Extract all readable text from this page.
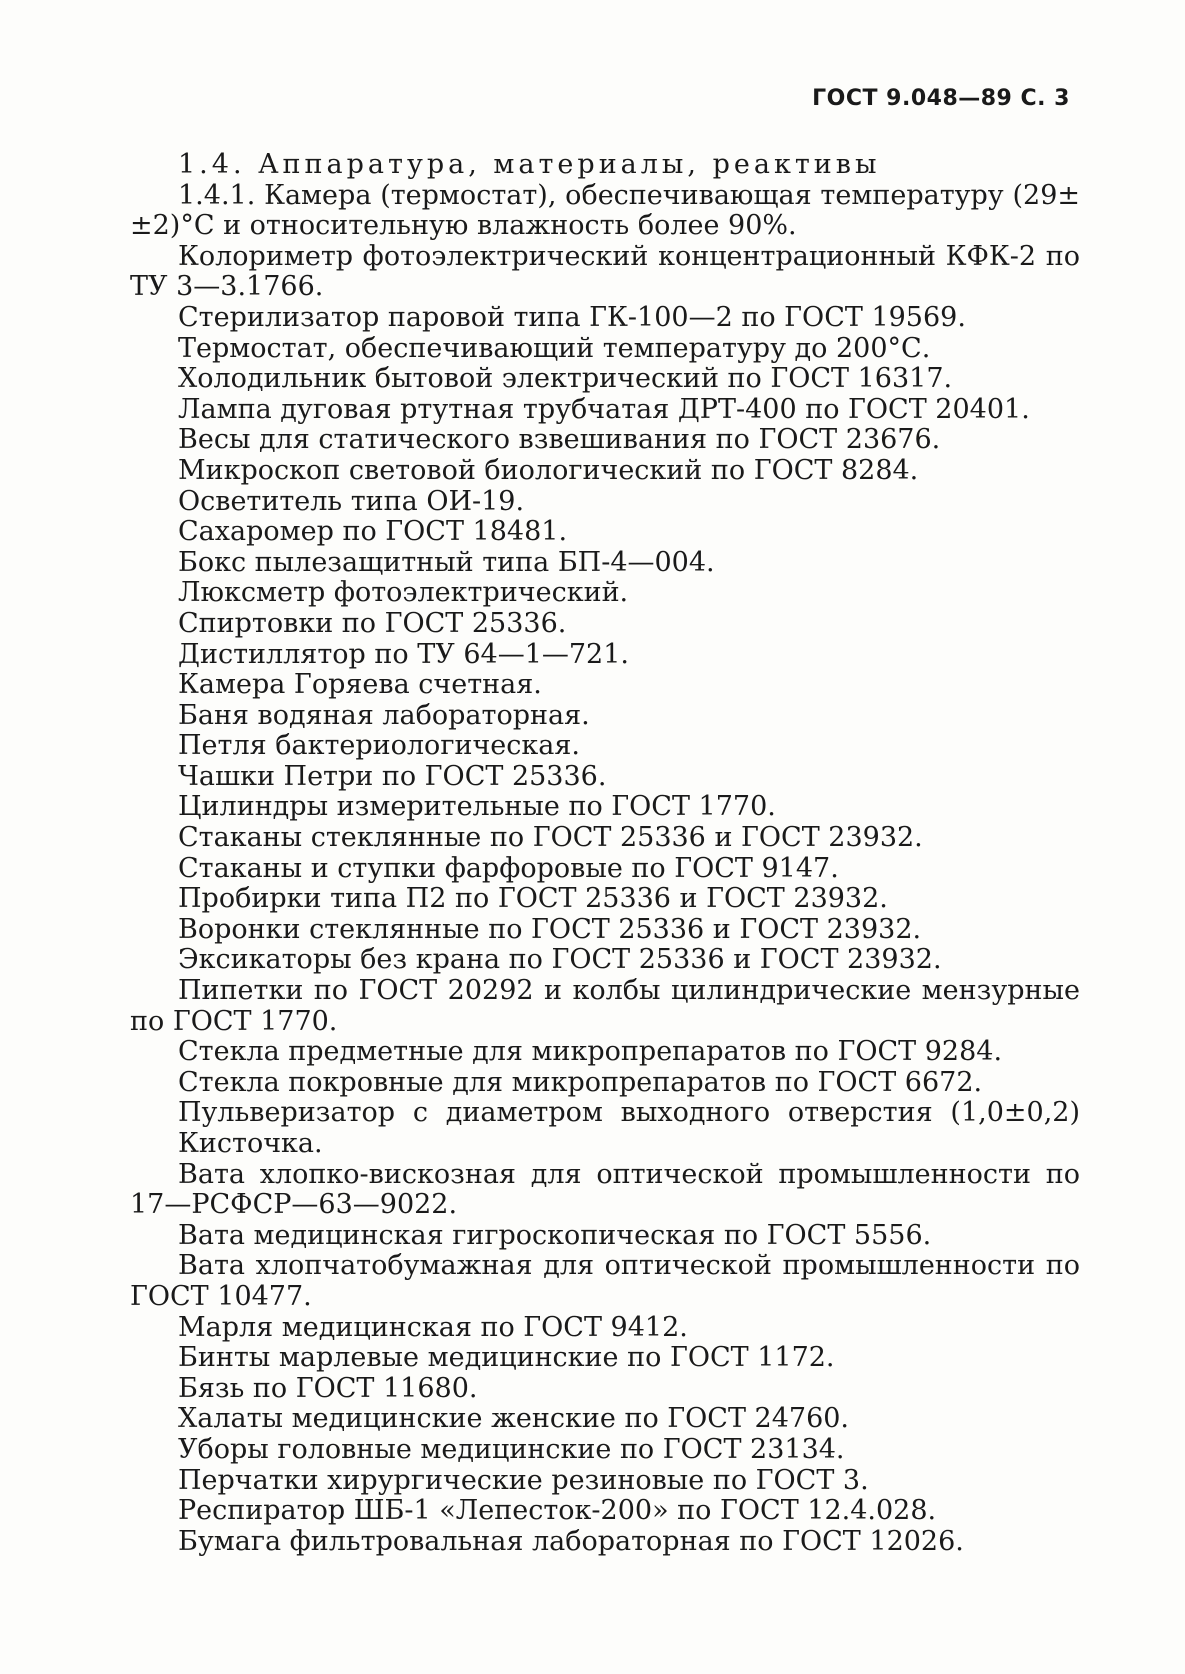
ГОСТ 9.048—89 С. 3
1.4. Аппаратура, материалы, реактивы
1.4.1. Камера (термостат), обеспечивающая температуру (29±
±2)°С и относительную влажность более 90%.
Колориметр фотоэлектрический концентрационный КФК-2 по
ТУ 3—3.1766.
Стерилизатор паровой типа ГК-100—2 по ГОСТ 19569.
Термостат, обеспечивающий температуру до 200°С.
Холодильник бытовой электрический по ГОСТ 16317.
Лампа дуговая ртутная трубчатая ДРТ-400 по ГОСТ 20401.
Весы для статического взвешивания по ГОСТ 23676.
Микроскоп световой биологический по ГОСТ 8284.
Осветитель типа ОИ-19.
Сахаромер по ГОСТ 18481.
Бокс пылезащитный типа БП-4—004.
Люксметр фотоэлектрический.
Спиртовки по ГОСТ 25336.
Дистиллятор по ТУ 64—1—721.
Камера Горяева счетная.
Баня водяная лабораторная.
Петля бактериологическая.
Чашки Петри по ГОСТ 25336.
Цилиндры измерительные по ГОСТ 1770.
Стаканы стеклянные по ГОСТ 25336 и ГОСТ 23932.
Стаканы и ступки фарфоровые по ГОСТ 9147.
Пробирки типа П2 по ГОСТ 25336 и ГОСТ 23932.
Воронки стеклянные по ГОСТ 25336 и ГОСТ 23932.
Эксикаторы без крана по ГОСТ 25336 и ГОСТ 23932.
Пипетки по ГОСТ 20292 и колбы цилиндрические мензурные
по ГОСТ 1770.
Стекла предметные для микропрепаратов по ГОСТ 9284.
Стекла покровные для микропрепаратов по ГОСТ 6672.
Пульверизатор с диаметром выходного отверстия (1,0±0,2)
Кисточка.
Вата хлопко-вискозная для оптической промышленности по
17—РСФСР—63—9022.
Вата медицинская гигроскопическая по ГОСТ 5556.
Вата хлопчатобумажная для оптической промышленности по
ГОСТ 10477.
Марля медицинская по ГОСТ 9412.
Бинты марлевые медицинские по ГОСТ 1172.
Бязь по ГОСТ 11680.
Халаты медицинские женские по ГОСТ 24760.
Уборы головные медицинские по ГОСТ 23134.
Перчатки хирургические резиновые по ГОСТ 3.
Респиратор ШБ-1 «Лепесток-200» по ГОСТ 12.4.028.
Бумага фильтровальная лабораторная по ГОСТ 12026.
